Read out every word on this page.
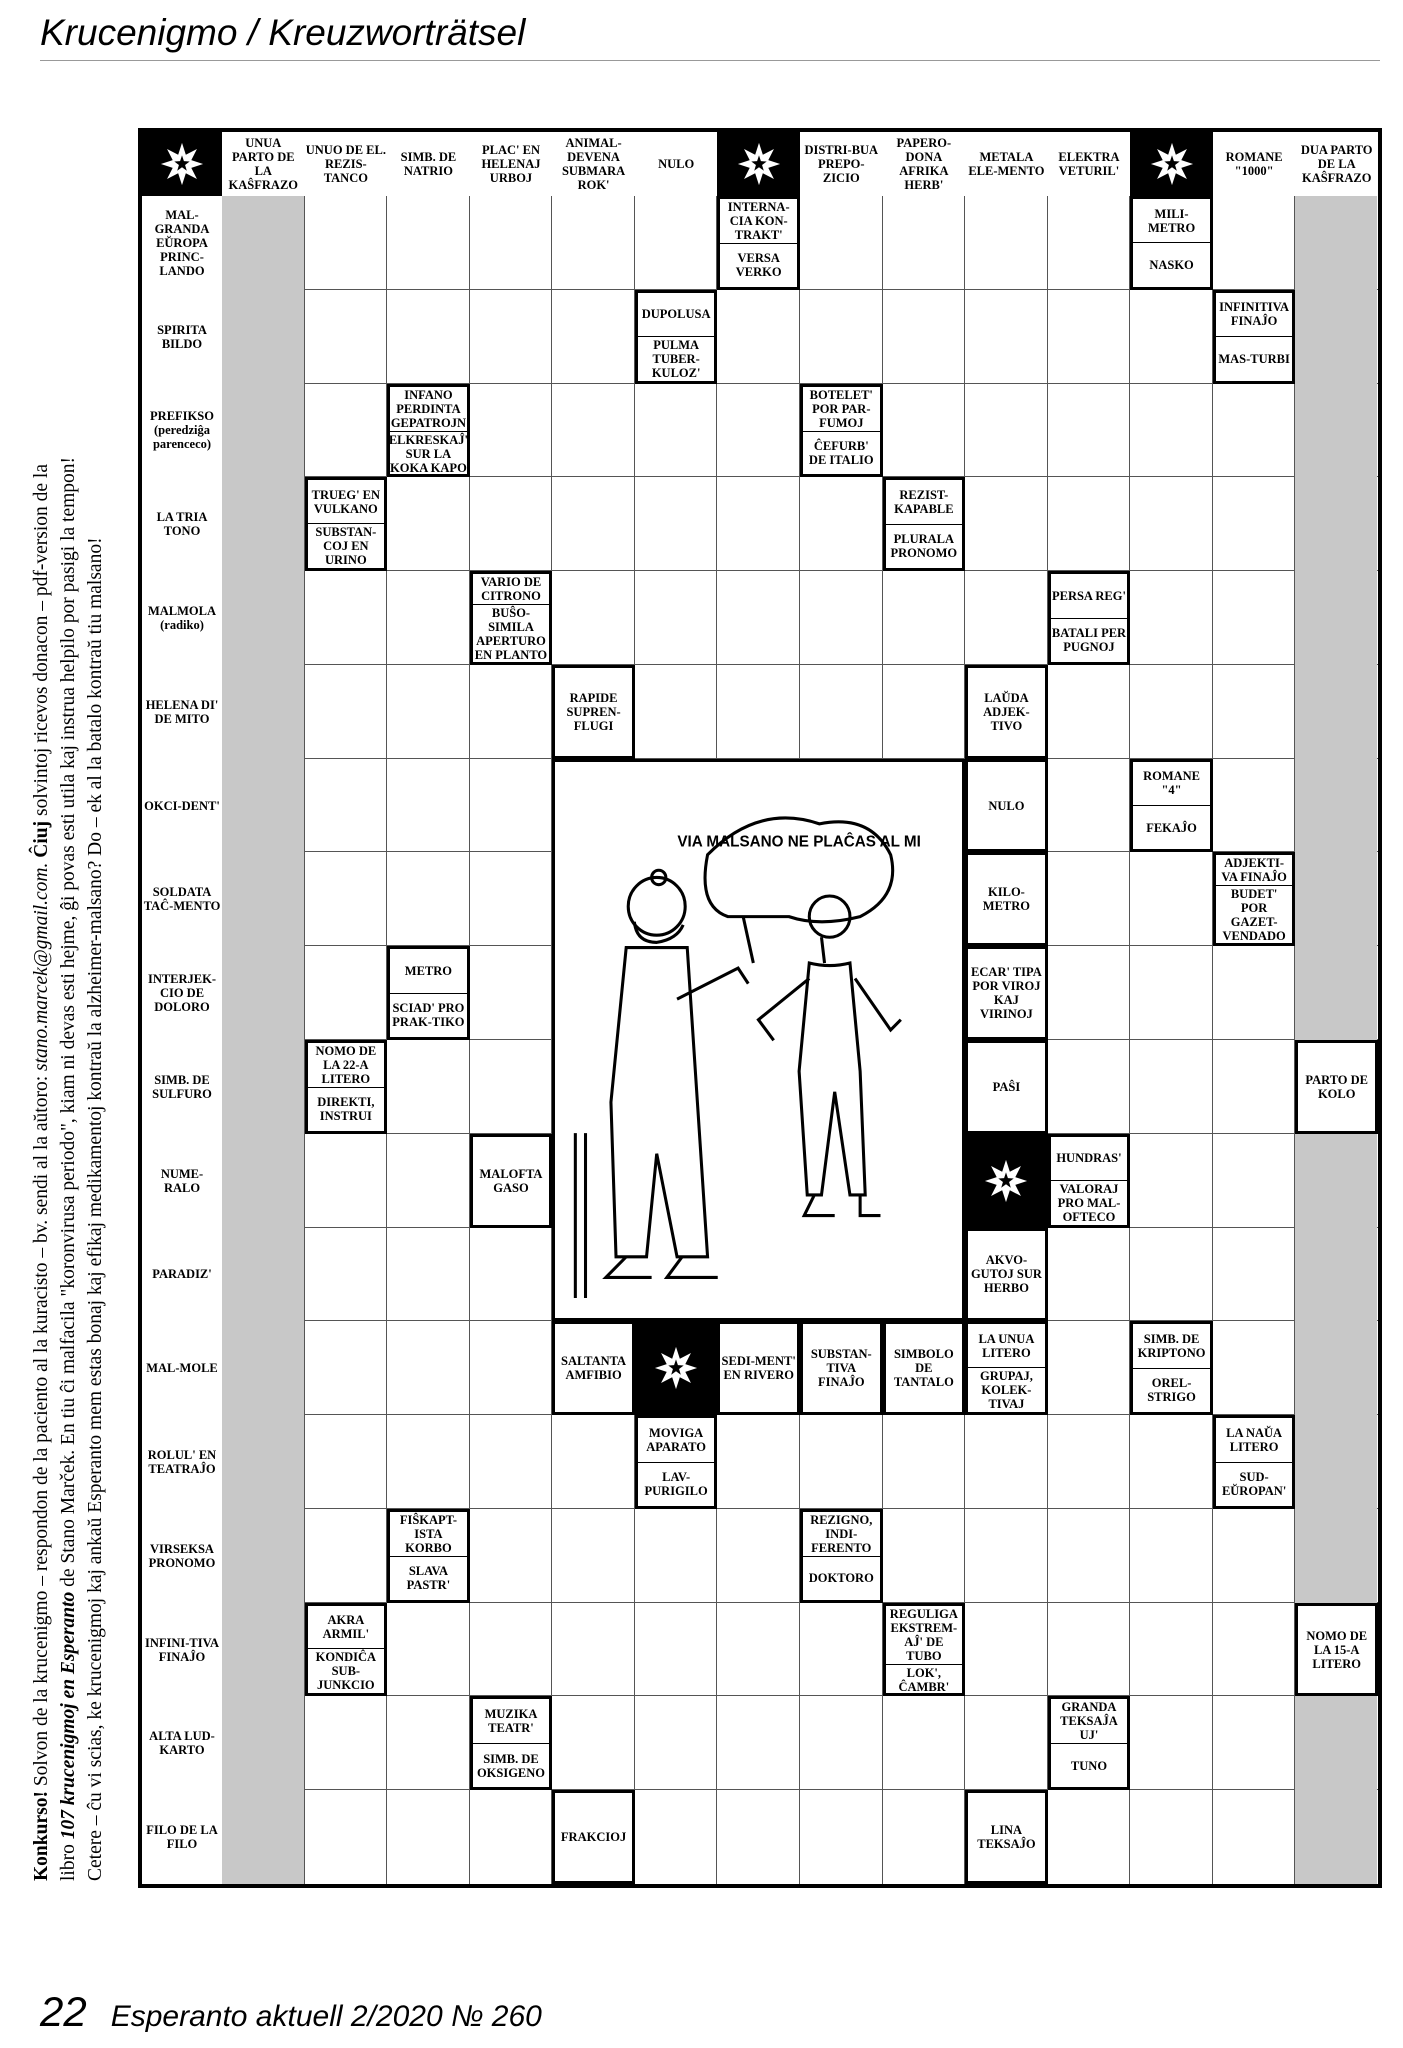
Krucenigmo / Kreuzworträtsel
Konkurso! Solvon de la krucenigmo – respondon de la paciento al la kuracisto – bv. sendi al la aŭtoro: stano.marcek@gmail.com. Ĉiuj solvintoj ricevos donacon – pdf-version de la
libro 107 krucenigmoj en Esperanto de Stano Marček. En tiu ĉi malfacila "koronvirusa periodo", kiam ni devas esti hejme, ĝi povas esti utila kaj instrua helpilo por pasigi la tempon! Cetere – ĉu vi scias, ke krucenigmoj kaj ankaŭ Esperanto mem estas bonaj kaj efikaj medikamentoj kontraŭ la alzheimer-malsano? Do – ek al la batalo kontraŭ tiu malsano!
UNUA PARTO DE LA KAŜFRAZO
UNUO DE EL. REZIS-TANCO
SIMB. DE NATRIO
PLAC' EN HELENAJ URBOJ
ANIMAL-DEVENA SUBMARA ROK'
NULO
DISTRI-BUA PREPO-ZICIO
PAPERO-DONA AFRIKA HERB'
METALA ELE-MENTO
ELEKTRA VETURIL'
ROMANE "1000"
DUA PARTO DE LA KAŜFRAZO
MAL-GRANDA EŬROPA PRINC-LANDO
SPIRITA BILDO
PREFIKSO (peredziĝa parenceco)
LA TRIA TONO
MALMOLA (radiko)
HELENA DI' DE MITO
OKCI-DENT'
SOLDATA TAĈ-MENTO
INTERJEK-CIO DE DOLORO
SIMB. DE SULFURO
NUME-RALO
PARADIZ'
MAL-MOLE
ROLUL' EN TEATRAĴO
VIRSEKSA PRONOMO
INFINI-TIVA FINAĴO
ALTA LUD-KARTO
FILO DE LA FILO
VIA MALSANO NE PLAĈAS AL MI
INTERNA-CIA KON-TRAKT'
VERSA VERKO
MILI-METRO
NASKO
DUPOLUSA
PULMA TUBER-KULOZ'
INFINITIVA FINAĴO
MAS-TURBI
INFANO PERDINTA GEPATROJN
ELKRESKAĴ' SUR LA KOKA KAPO
BOTELET' POR PAR-FUMOJ
ĈEFURB' DE ITALIO
TRUEG' EN VULKANO
SUBSTAN-COJ EN URINO
REZIST-KAPABLE
PLURALA PRONOMO
VARIO DE CITRONO
BUŜO-SIMILA APERTURO EN PLANTO
PERSA REG'
BATALI PER PUGNOJ
RAPIDE SUPREN-FLUGI
LAŬDA ADJEK-TIVO
NULO
ROMANE "4"
FEKAĴO
KILO-METRO
ADJEKTI-VA FINAĴO
BUDET' POR GAZET-VENDADO
METRO
SCIAD' PRO PRAK-TIKO
ECAR' TIPA POR VIROJ KAJ VIRINOJ
NOMO DE LA 22-A LITERO
DIREKTI, INSTRUI
PAŜI	PARTO DE KOLO
MALOFTA GASO
HUNDRAS'
VALORAJ PRO MAL-OFTECO
AKVO-GUTOJ SUR HERBO
SALTANTA AMFIBIO
SEDI-MENT' EN RIVERO
SUBSTAN-TIVA FINAĴO
SIMBOLO DE TANTALO
LA UNUA LITERO
GRUPAJ, KOLEK-TIVAJ
SIMB. DE KRIPTONO
OREL-STRIGO
MOVIGA APARATO
LAV-PURIGILO
LA NAŬA LITERO
SUD-EŬROPAN'
FIŜKAPT-ISTA KORBO
SLAVA PASTR'
REZIGNO, INDI-FERENTO
DOKTORO
AKRA ARMIL'
KONDIĈA SUB-JUNKCIO
REGULIGA EKSTREM-AĴ' DE TUBO
LOK', ĈAMBR'
NOMO DE LA 15-A LITERO
MUZIKA TEATR'
SIMB. DE OKSIGENO
GRANDA TEKSAĴA UJ'
TUNO
FRAKCIOJ	LINA TEKSAĴO
22 Esperanto aktuell 2/2020 № 260
